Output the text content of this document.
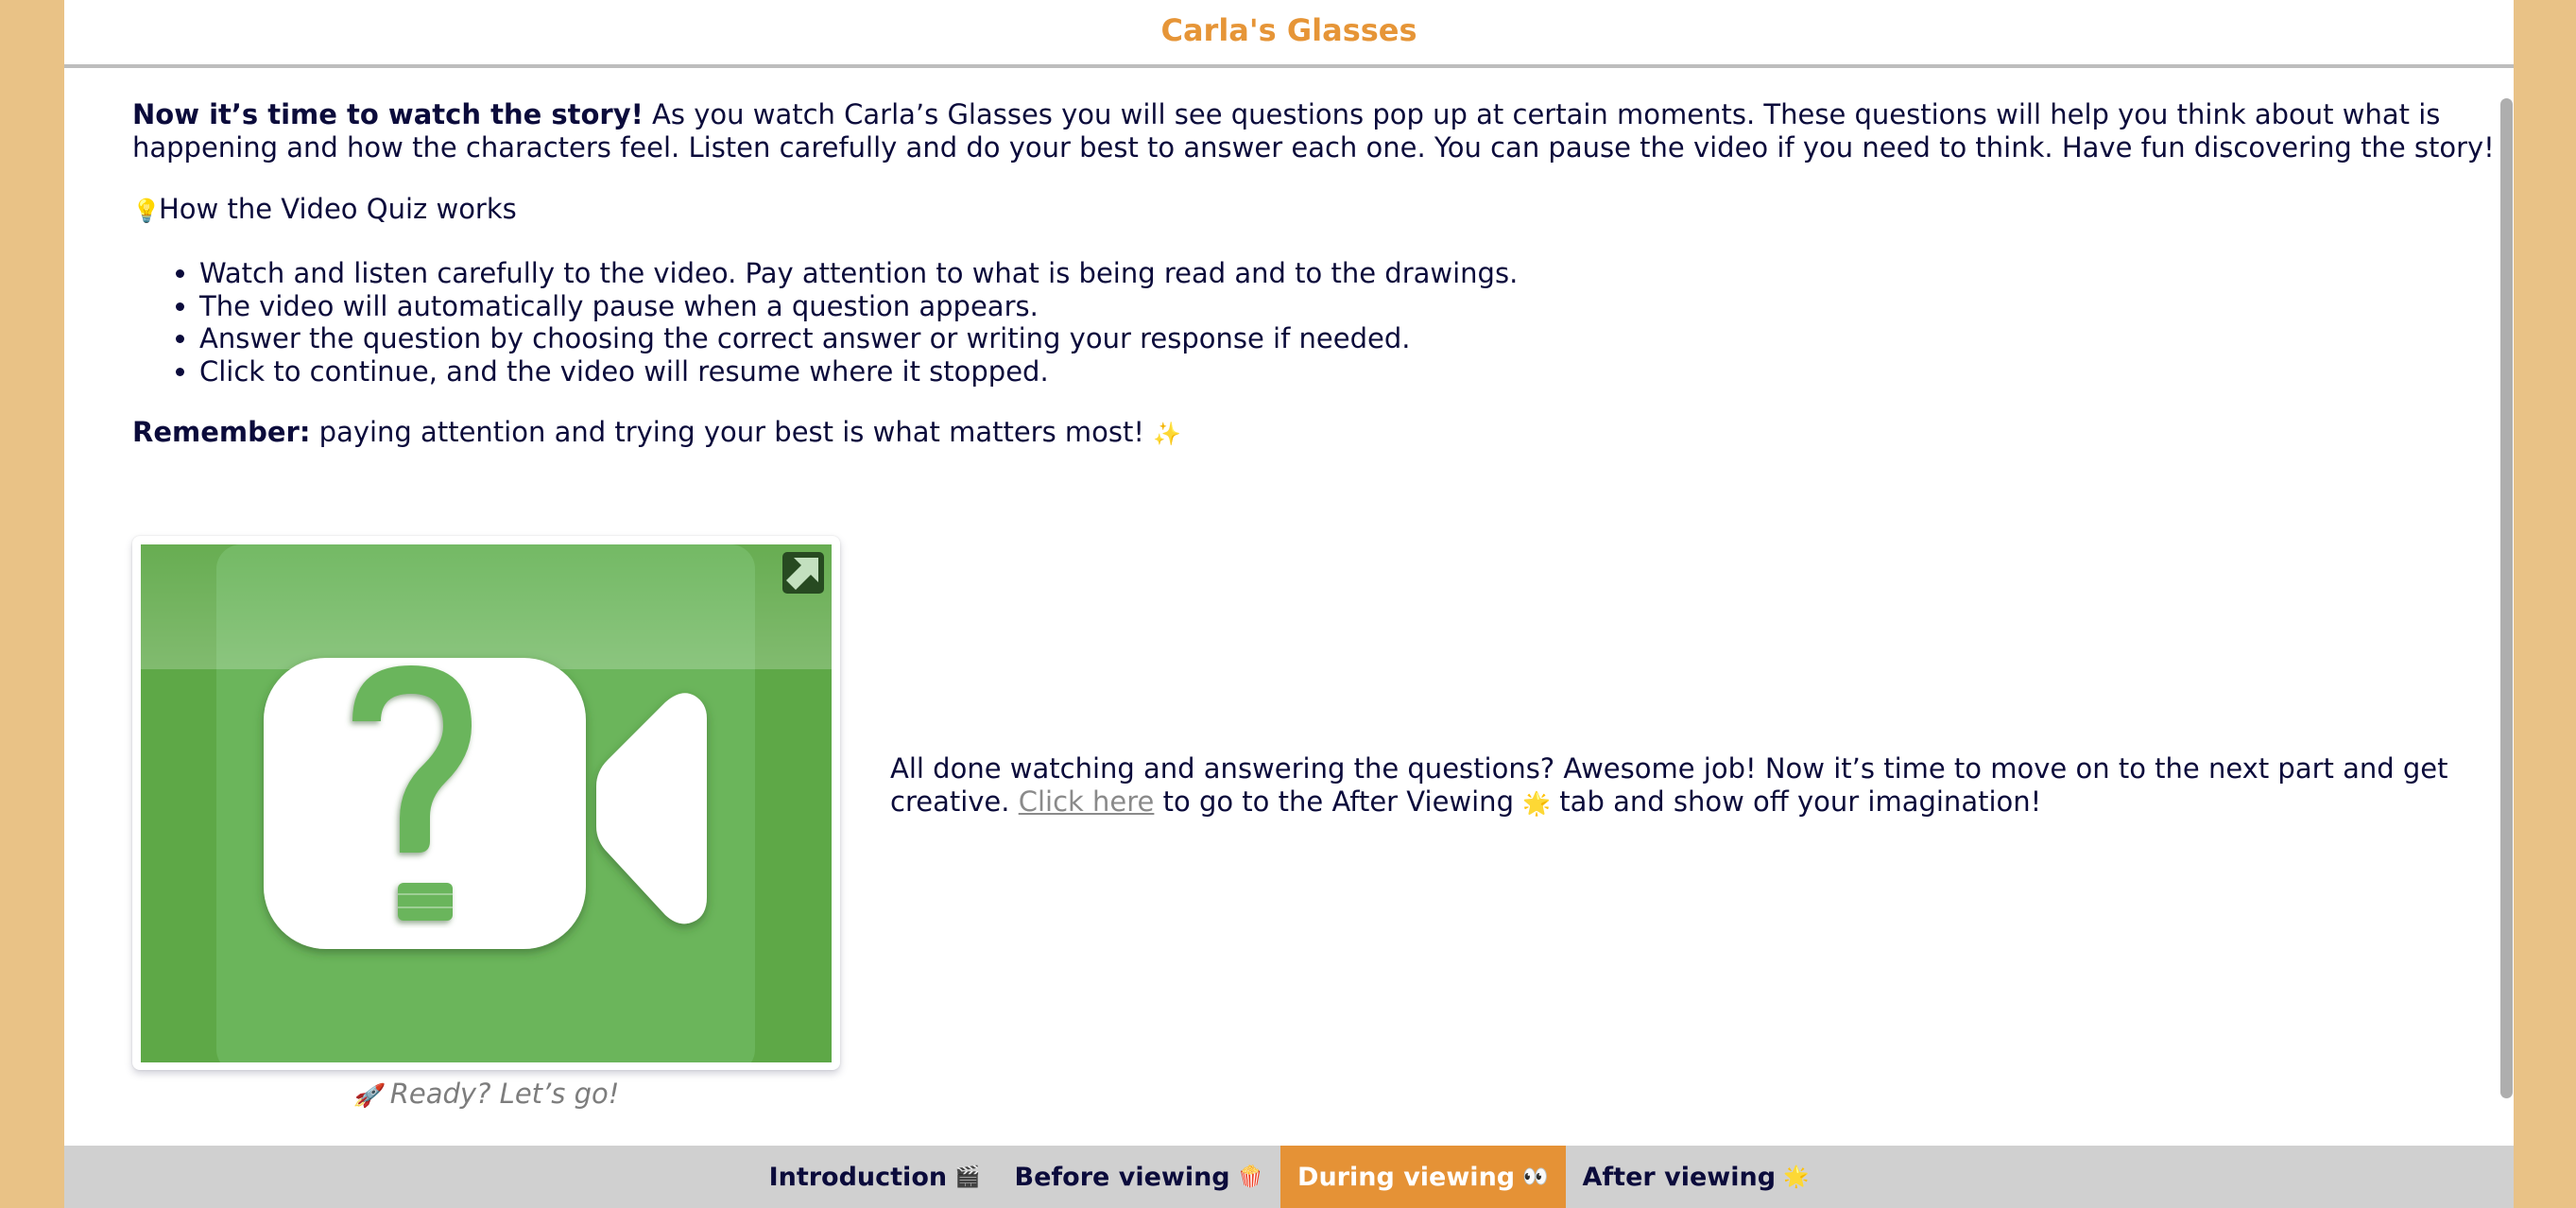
Carla's Glasses

Now it’s time to watch the story! As you watch Carla’s Glasses you will see questions pop up at certain moments. These questions will help you think about what is happening and how the characters feel. Listen carefully and do your best to answer each one. You can pause the video if you need to think. Have fun discovering the story!

💡How the Video Quiz works

• Watch and listen carefully to the video. Pay attention to what is being read and to the drawings.
• The video will automatically pause when a question appears.
• Answer the question by choosing the correct answer or writing your response if needed.
• Click to continue, and the video will resume where it stopped.

Remember: paying attention and trying your best is what matters most! ✨

🚀 Ready? Let’s go!

All done watching and answering the questions? Awesome job! Now it’s time to move on to the next part and get creative. Click here to go to the After Viewing 🌟 tab and show off your imagination!

Introduction 🎬 Before viewing 🍿 During viewing 👀 After viewing 🌟
